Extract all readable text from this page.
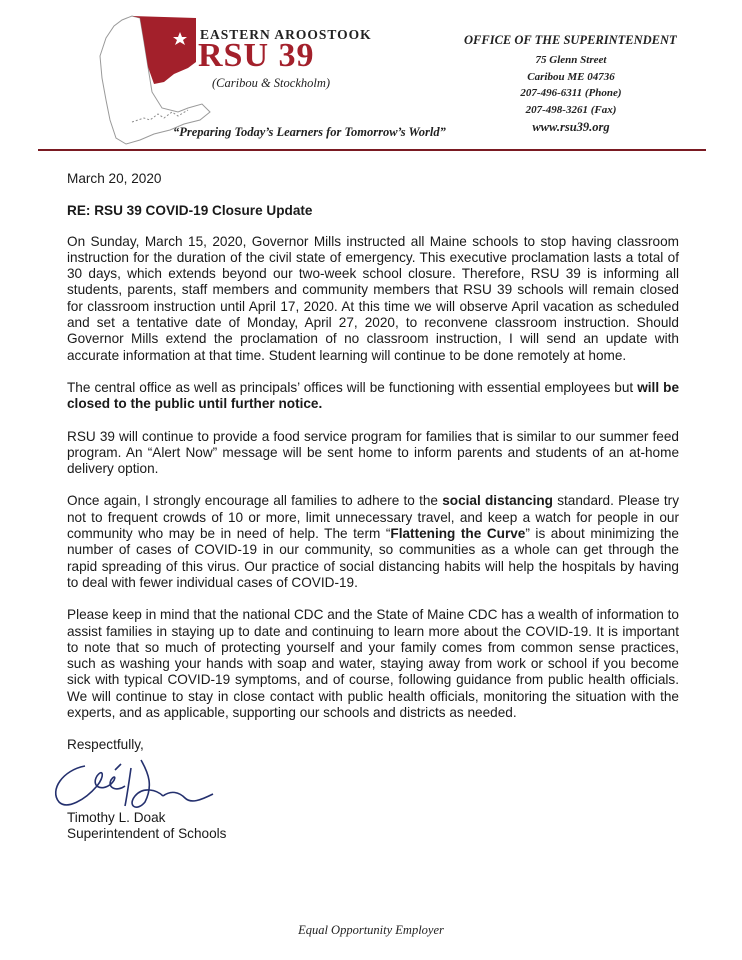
EASTERN AROOSTOOK
RSU 39
(Caribou & Stockholm)
“Preparing Today’s Learners for Tomorrow’s World”
OFFICE OF THE SUPERINTENDENT
75 Glenn Street
Caribou ME 04736
207-496-6311 (Phone)
207-498-3261 (Fax)
www.rsu39.org

March 20, 2020

RE: RSU 39 COVID-19 Closure Update

On Sunday, March 15, 2020, Governor Mills instructed all Maine schools to stop having classroom instruction for the duration of the civil state of emergency. This executive proclamation lasts a total of 30 days, which extends beyond our two-week school closure. Therefore, RSU 39 is informing all students, parents, staff members and community members that RSU 39 schools will remain closed for classroom instruction until April 17, 2020. At this time we will observe April vacation as scheduled and set a tentative date of Monday, April 27, 2020, to reconvene classroom instruction. Should Governor Mills extend the proclamation of no classroom instruction, I will send an update with accurate information at that time. Student learning will continue to be done remotely at home.

The central office as well as principals’ offices will be functioning with essential employees but will be closed to the public until further notice.

RSU 39 will continue to provide a food service program for families that is similar to our summer feed program. An “Alert Now” message will be sent home to inform parents and students of an at-home delivery option.

Once again, I strongly encourage all families to adhere to the social distancing standard. Please try not to frequent crowds of 10 or more, limit unnecessary travel, and keep a watch for people in our community who may be in need of help. The term “Flattening the Curve” is about minimizing the number of cases of COVID-19 in our community, so communities as a whole can get through the rapid spreading of this virus. Our practice of social distancing habits will help the hospitals by having to deal with fewer individual cases of COVID-19.

Please keep in mind that the national CDC and the State of Maine CDC has a wealth of information to assist families in staying up to date and continuing to learn more about the COVID-19. It is important to note that so much of protecting yourself and your family comes from common sense practices, such as washing your hands with soap and water, staying away from work or school if you become sick with typical COVID-19 symptoms, and of course, following guidance from public health officials. We will continue to stay in close contact with public health officials, monitoring the situation with the experts, and as applicable, supporting our schools and districts as needed.

Respectfully,

Timothy L. Doak

Superintendent of Schools

Equal Opportunity Employer
